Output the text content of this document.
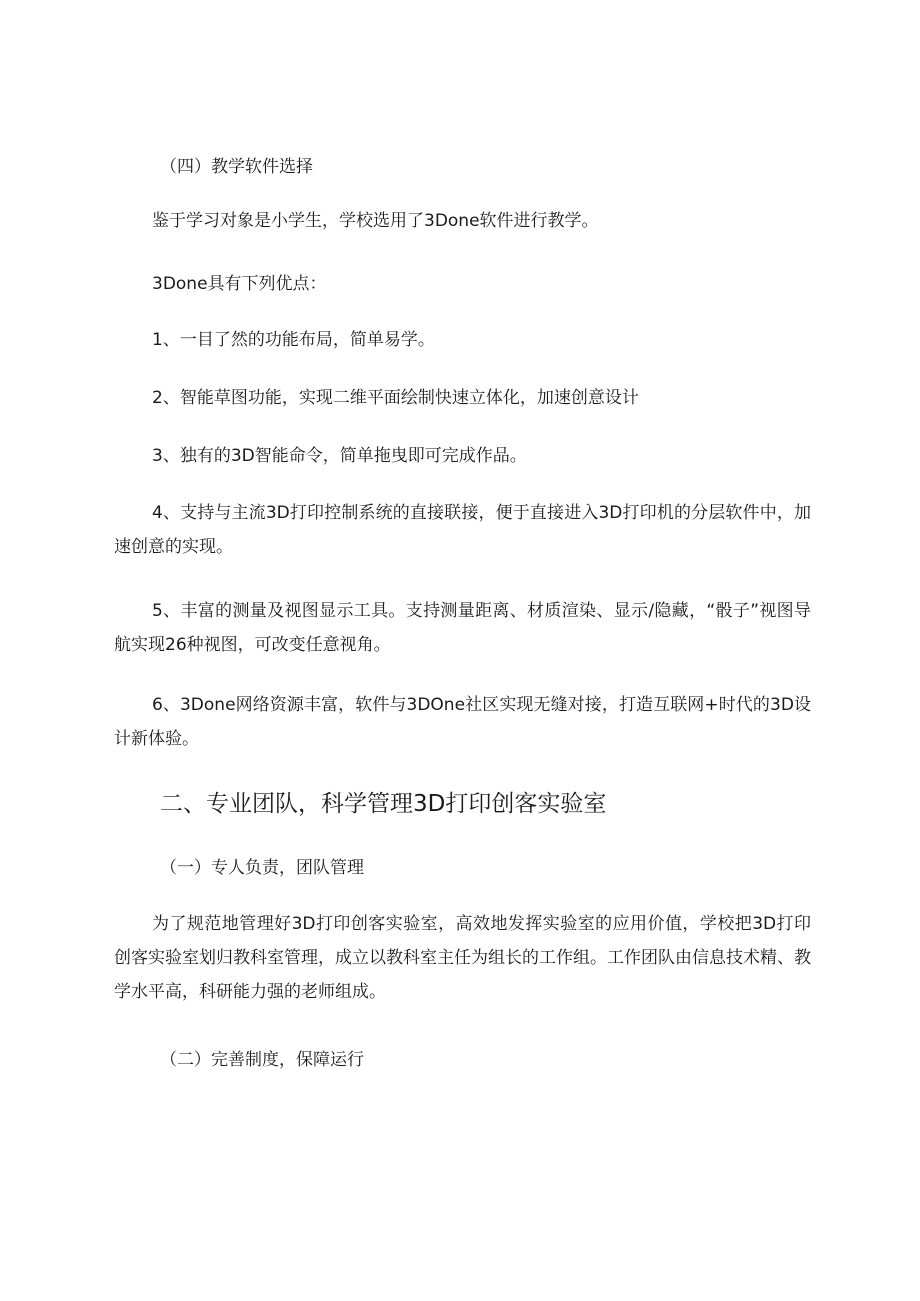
（四）教学软件选择

鉴于学习对象是小学生，学校选用了3Done软件进行教学。

3Done具有下列优点：

1、一目了然的功能布局，简单易学。

2、智能草图功能，实现二维平面绘制快速立体化，加速创意设计

3、独有的3D智能命令，简单拖曳即可完成作品。

4、支持与主流3D打印控制系统的直接联接，便于直接进入3D打印机的分层软件中，加速创意的实现。

5、丰富的测量及视图显示工具。支持测量距离、材质渲染、显示/隐藏，“骰子”视图导航实现26种视图，可改变任意视角。

6、3Done网络资源丰富，软件与3DOne社区实现无缝对接，打造互联网+时代的3D设计新体验。

二、专业团队，科学管理3D打印创客实验室

（一）专人负责，团队管理

为了规范地管理好3D打印创客实验室，高效地发挥实验室的应用价值，学校把3D打印创客实验室划归教科室管理，成立以教科室主任为组长的工作组。工作团队由信息技术精、教学水平高，科研能力强的老师组成。

（二）完善制度，保障运行
